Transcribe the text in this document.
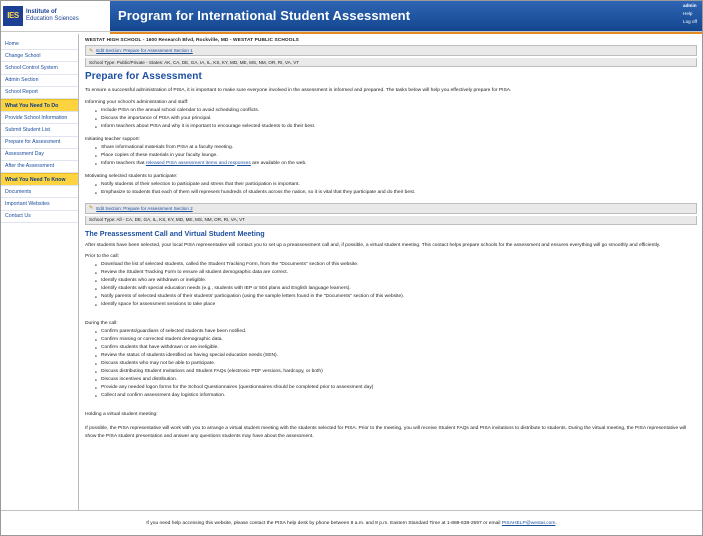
IES	Institute of
Education Sciences	Program for International Student Assessment
admin
Help
Log off
Home
Change School
School Control System
Admin Section
School Report
What You Need To Do
Provide School Information
Submit Student List
Prepare for Assessment
Assessment Day
After the Assessment
What You Need To Know
Documents
Important Websites
Contact Us
WESTAT HIGH SCHOOL - 1600 Research Blvd, Rockville, MD - WESTAT PUBLIC SCHOOLS
✎ Edit Section: Prepare for Assessment Section 1
School Type: Public/Private - States: AK, CA, DE, GA, IA, IL, KS, KY, MD, ME, MS, NM, OR, RI, VA, VT
Prepare for Assessment

To ensure a successful administration of PISA, it is important to make sure everyone involved in the assessment is informed and prepared. The tasks below will help you effectively prepare for PISA.

Informing your school's administration and staff:

● Include PISA on the annual school calendar to avoid scheduling conflicts.
● Discuss the importance of PISA with your principal.
● Inform teachers about PISA and why it is important to encourage selected students to do their best.

Initiating teacher support:

● Share informational materials from PISA at a faculty meeting.
● Place copies of these materials in your faculty lounge.
● Inform teachers that released PISA assessment items and responses are available on the web.

Motivating selected students to participate:

● Notify students of their selection to participate and stress that their participation is important.
● Emphasize to students that each of them will represent hundreds of students across the nation, so it is vital that they participate and do their best.
✎ Edit Section: Prepare for Assessment Section 2
School Type: All - CA, DE, GA, IL, KS, KY, MD, ME, MS, NM, OR, RI, VA, VT
The Preassessment Call and Virtual Student Meeting

After students have been selected, your local PISA representative will contact you to set up a preassessment call and, if possible, a virtual student meeting. This contact helps prepare schools for the assessment and ensures everything will go smoothly and efficiently.

Prior to the call:

● Download the list of selected students, called the Student Tracking Form, from the "Documents" section of this website.
● Review the Student Tracking Form to ensure all student demographic data are correct.
● Identify students who are withdrawn or ineligible.
● Identify students with special education needs (e.g., students with IEP or 504 plans and English language learners).
● Notify parents of selected students of their students' participation (using the sample letters found in the "Documents" section of this website).
● Identify space for assessment sessions to take place

During the call:

● Confirm parents/guardians of selected students have been notified.
● Confirm missing or corrected student demographic data.
● Confirm students that have withdrawn or are ineligible.
● Review the status of students identified as having special education needs (SEN).
● Discuss students who may not be able to participate.
● Discuss distributing Student Invitations and Student FAQs (electronic PDF versions, hardcopy, or both)
● Discuss incentives and distribution.
● Provide any needed logon forms for the School Questionnaires (questionnaires should be completed prior to assessment day)
● Collect and confirm assessment day logistics information.

Holding a virtual student meeting:

If possible, the PISA representative will work with you to arrange a virtual student meeting with the students selected for PISA. Prior to the meeting, you will receive Student FAQs and PISA invitations to distribute to students. During the virtual meeting, the PISA representative will show the PISA student presentation and answer any questions students may have about the assessment.

If you need help accessing this website, please contact the PISA help desk by phone between 8 a.m. and 8 p.m. Eastern Standard Time at 1-888-638-2597 or email PISAHELP@westat.com.
